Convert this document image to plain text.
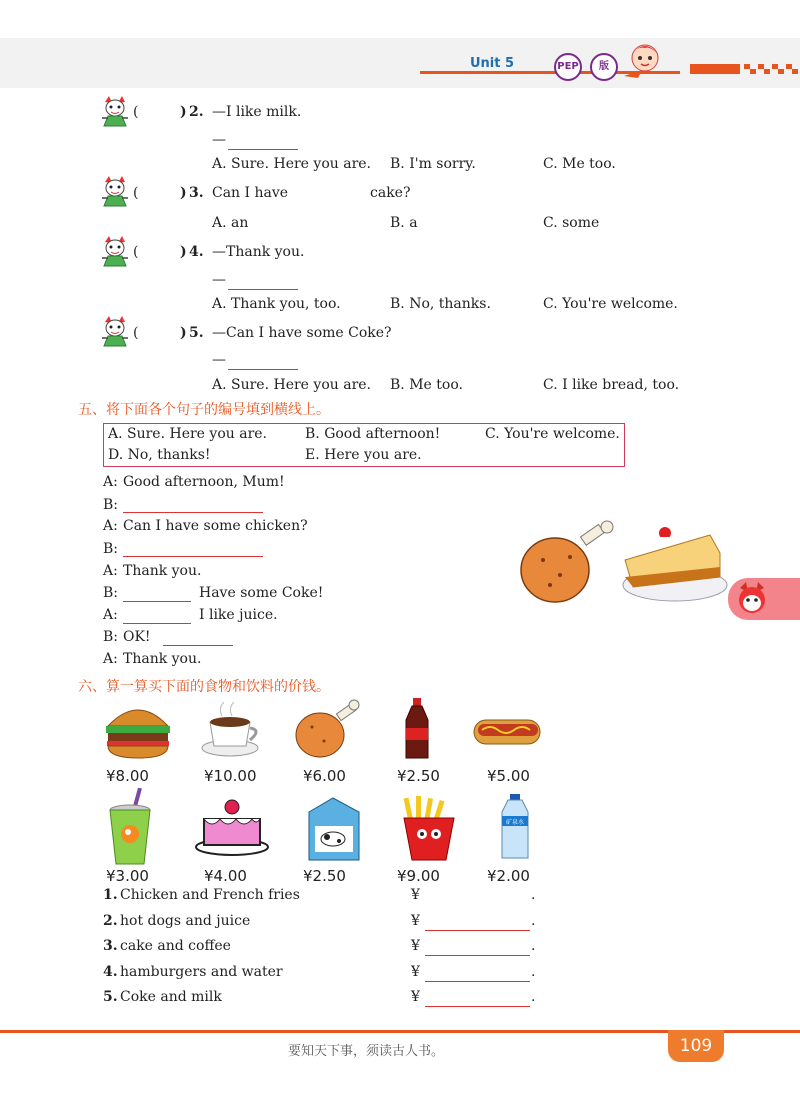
Unit 5	PEP	版
(	) 2. —I like milk.
—
A. Sure. Here you are. B. I'm sorry.	C. Me too.
(	) 3. Can I have	cake?
A. an	B. a	C. some
(	) 4. —Thank you.
—
A. Thank you, too.	B. No, thanks.	C. You're welcome.
(	) 5. —Can I have some Coke?
—
A. Sure. Here you are. B. Me too.	C. I like bread, too.
五、将下面各个句子的编号填到横线上。
A. Sure. Here you are.	B. Good afternoon!	C. You're welcome.
D. No, thanks!	E. Here you are.
A: Good afternoon, Mum!
B:
A: Can I have some chicken?
B:
A: Thank you.
B:	Have some Coke!
A:	I like juice.
B: OK!
A: Thank you.
六、算一算买下面的食物和饮料的价钱。
¥8.00	¥10.00	¥6.00	¥2.50	¥5.00
矿泉水
¥3.00	¥4.00	¥2.50	¥9.00	¥2.00
1. Chicken and French fries	¥	.
2. hot dogs and juice	¥	.
3. cake and coffee	¥	.
4. hamburgers and water	¥	.
5. Coke and milk	¥	.
要知天下事，须读古人书。	109
